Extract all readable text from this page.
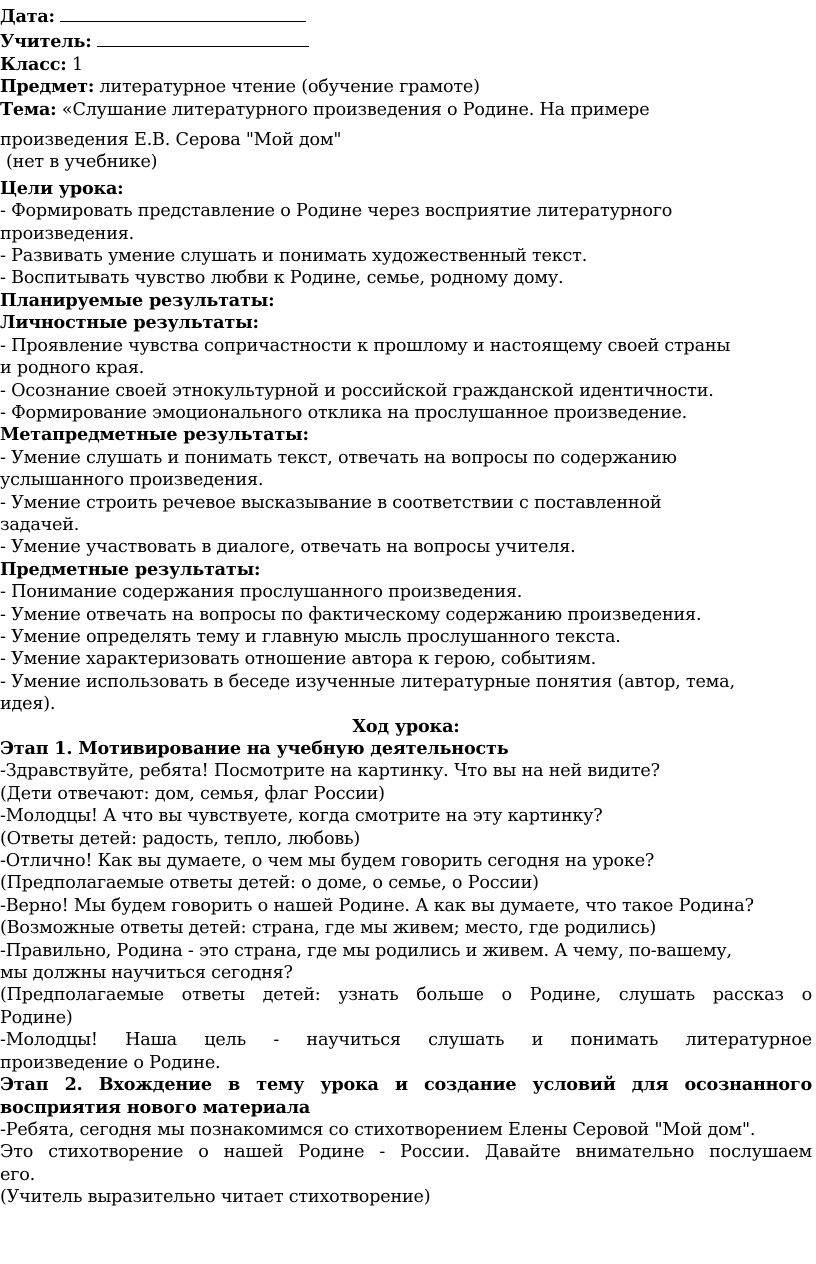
Дата:
Учитель:
Класс: 1
Предмет: литературное чтение (обучение грамоте)
Тема: «Слушание литературного произведения о Родине. На примере
произведения Е.В. Серова "Мой дом"
(нет в учебнике)
Цели урока:
- Формировать представление о Родине через восприятие литературного
произведения.
- Развивать умение слушать и понимать художественный текст.
- Воспитывать чувство любви к Родине, семье, родному дому.
Планируемые результаты:
Личностные результаты:
- Проявление чувства сопричастности к прошлому и настоящему своей страны
и родного края.
- Осознание своей этнокультурной и российской гражданской идентичности.
- Формирование эмоционального отклика на прослушанное произведение.
Метапредметные результаты:
- Умение слушать и понимать текст, отвечать на вопросы по содержанию
услышанного произведения.
- Умение строить речевое высказывание в соответствии с поставленной
задачей.
- Умение участвовать в диалоге, отвечать на вопросы учителя.
Предметные результаты:
- Понимание содержания прослушанного произведения.
- Умение отвечать на вопросы по фактическому содержанию произведения.
- Умение определять тему и главную мысль прослушанного текста.
- Умение характеризовать отношение автора к герою, событиям.
- Умение использовать в беседе изученные литературные понятия (автор, тема,
идея).
Ход урока:
Этап 1. Мотивирование на учебную деятельность
-Здравствуйте, ребята! Посмотрите на картинку. Что вы на ней видите?
(Дети отвечают: дом, семья, флаг России)
-Молодцы! А что вы чувствуете, когда смотрите на эту картинку?
(Ответы детей: радость, тепло, любовь)
-Отлично! Как вы думаете, о чем мы будем говорить сегодня на уроке?
(Предполагаемые ответы детей: о доме, о семье, о России)
-Верно! Мы будем говорить о нашей Родине. А как вы думаете, что такое Родина?
(Возможные ответы детей: страна, где мы живем; место, где родились)
-Правильно, Родина - это страна, где мы родились и живем. А чему, по-вашему,
мы должны научиться сегодня?
(Предполагаемые ответы детей: узнать больше о Родине, слушать рассказ о
Родине)
-Молодцы! Наша цель - научиться слушать и понимать литературное
произведение о Родине.
Этап 2. Вхождение в тему урока и создание условий для осознанного
восприятия нового материала
-Ребята, сегодня мы познакомимся со стихотворением Елены Серовой "Мой дом".
Это стихотворение о нашей Родине - России. Давайте внимательно послушаем
его.
(Учитель выразительно читает стихотворение)
